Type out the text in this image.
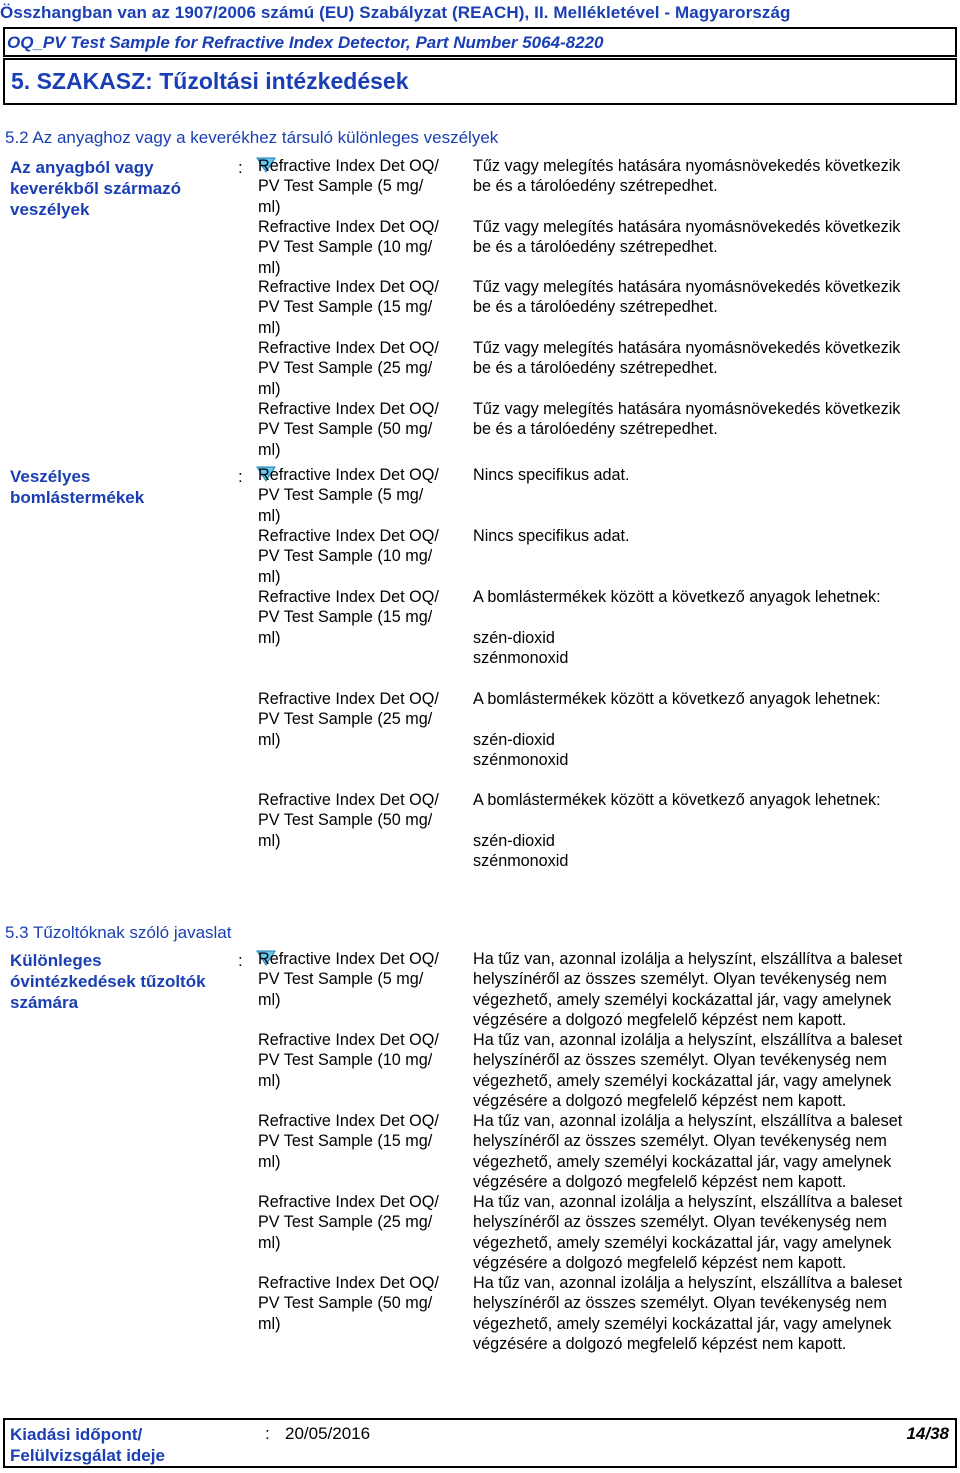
Összhangban van az 1907/2006 számú (EU) Szabályzat (REACH), II. Mellékletével - Magyarország
OQ_PV Test Sample for Refractive Index Detector, Part Number 5064-8220
5. SZAKASZ: Tűzoltási intézkedések
5.2 Az anyaghoz vagy a keverékhez társuló különleges veszélyek
Az anyagból vagy
keverékből származó
veszélyek
: Refractive Index Det OQ/
PV Test Sample (5 mg/
ml)
Tűz vagy melegítés hatására nyomásnövekedés következik
be és a tárolóedény szétrepedhet.
Refractive Index Det OQ/
PV Test Sample (10 mg/
ml)
Tűz vagy melegítés hatására nyomásnövekedés következik
be és a tárolóedény szétrepedhet.
Refractive Index Det OQ/
PV Test Sample (15 mg/
ml)
Tűz vagy melegítés hatására nyomásnövekedés következik
be és a tárolóedény szétrepedhet.
Refractive Index Det OQ/
PV Test Sample (25 mg/
ml)
Tűz vagy melegítés hatására nyomásnövekedés következik
be és a tárolóedény szétrepedhet.
Refractive Index Det OQ/
PV Test Sample (50 mg/
ml)
Tűz vagy melegítés hatására nyomásnövekedés következik
be és a tárolóedény szétrepedhet.
Veszélyes
bomlástermékek
: Refractive Index Det OQ/
PV Test Sample (5 mg/
ml)
Nincs specifikus adat.
Refractive Index Det OQ/
PV Test Sample (10 mg/
ml)
Nincs specifikus adat.
Refractive Index Det OQ/
PV Test Sample (15 mg/
ml)
A bomlástermékek között a következő anyagok lehetnek:

szén-dioxid
szénmonoxid
Refractive Index Det OQ/
PV Test Sample (25 mg/
ml)
A bomlástermékek között a következő anyagok lehetnek:

szén-dioxid
szénmonoxid
Refractive Index Det OQ/
PV Test Sample (50 mg/
ml)
A bomlástermékek között a következő anyagok lehetnek:

szén-dioxid
szénmonoxid
5.3 Tűzoltóknak szóló javaslat
Különleges
óvintézkedések tűzoltók
számára
: Refractive Index Det OQ/
PV Test Sample (5 mg/
ml)
Ha tűz van, azonnal izolálja a helyszínt, elszállítva a baleset
helyszínéről az összes személyt. Olyan tevékenység nem
végezhető, amely személyi kockázattal jár, vagy amelynek
végzésére a dolgozó megfelelő képzést nem kapott.
Refractive Index Det OQ/
PV Test Sample (10 mg/
ml)
Ha tűz van, azonnal izolálja a helyszínt, elszállítva a baleset
helyszínéről az összes személyt. Olyan tevékenység nem
végezhető, amely személyi kockázattal jár, vagy amelynek
végzésére a dolgozó megfelelő képzést nem kapott.
Refractive Index Det OQ/
PV Test Sample (15 mg/
ml)
Ha tűz van, azonnal izolálja a helyszínt, elszállítva a baleset
helyszínéről az összes személyt. Olyan tevékenység nem
végezhető, amely személyi kockázattal jár, vagy amelynek
végzésére a dolgozó megfelelő képzést nem kapott.
Refractive Index Det OQ/
PV Test Sample (25 mg/
ml)
Ha tűz van, azonnal izolálja a helyszínt, elszállítva a baleset
helyszínéről az összes személyt. Olyan tevékenység nem
végezhető, amely személyi kockázattal jár, vagy amelynek
végzésére a dolgozó megfelelő képzést nem kapott.
Refractive Index Det OQ/
PV Test Sample (50 mg/
ml)
Ha tűz van, azonnal izolálja a helyszínt, elszállítva a baleset
helyszínéről az összes személyt. Olyan tevékenység nem
végezhető, amely személyi kockázattal jár, vagy amelynek
végzésére a dolgozó megfelelő képzést nem kapott.
Kiadási időpont/
Felülvizsgálat ideje
: 20/05/2016	14/38
